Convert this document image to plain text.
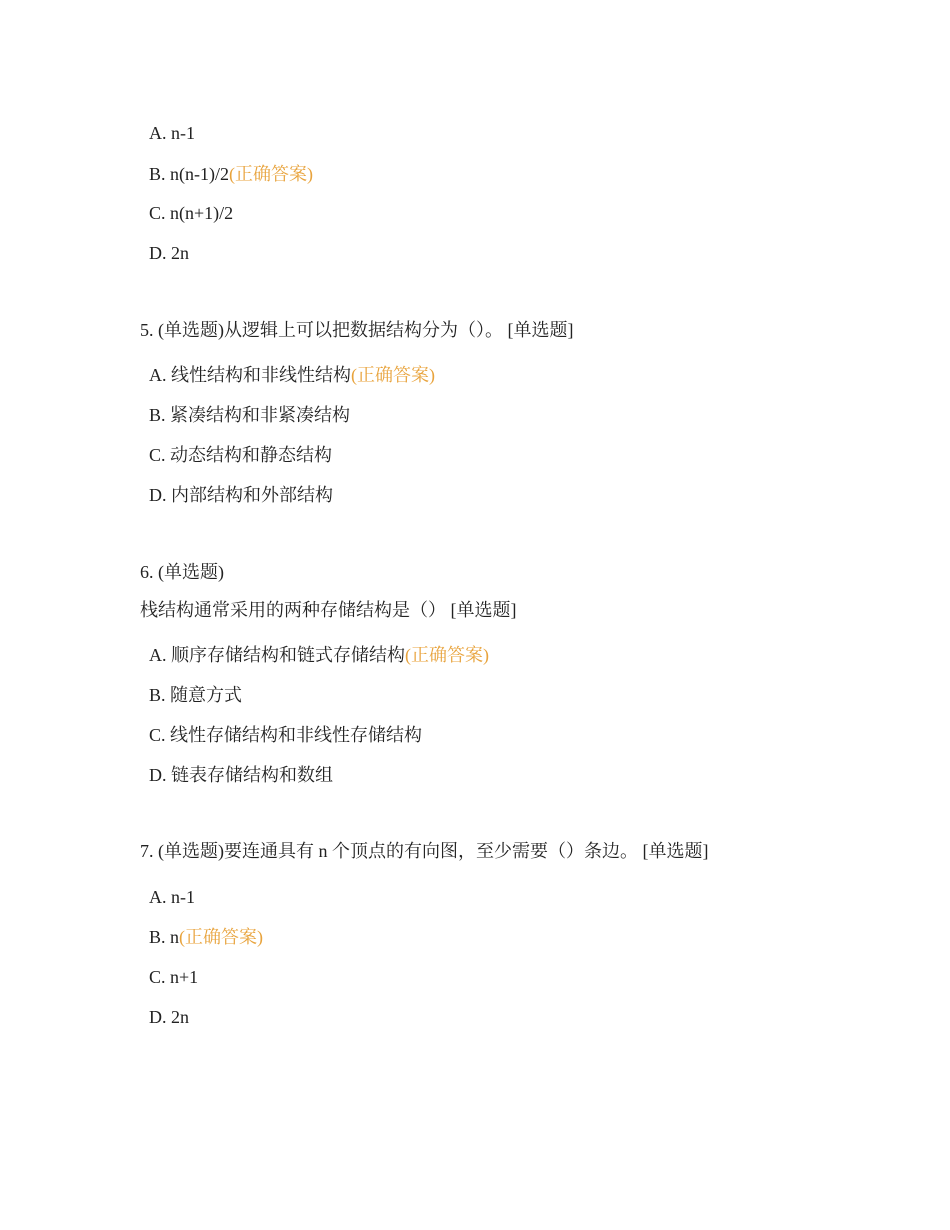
A. n-1
B. n(n-1)/2(正确答案)
C. n(n+1)/2
D. 2n
5. (单选题)从逻辑上可以把数据结构分为（）。 [单选题]
A. 线性结构和非线性结构(正确答案)
B. 紧凑结构和非紧凑结构
C. 动态结构和静态结构
D. 内部结构和外部结构
6. (单选题)
栈结构通常采用的两种存储结构是（） [单选题]
A. 顺序存储结构和链式存储结构(正确答案)
B. 随意方式
C. 线性存储结构和非线性存储结构
D. 链表存储结构和数组
7. (单选题)要连通具有 n 个顶点的有向图，至少需要（）条边。 [单选题]
A. n-1
B. n(正确答案)
C. n+1
D. 2n
